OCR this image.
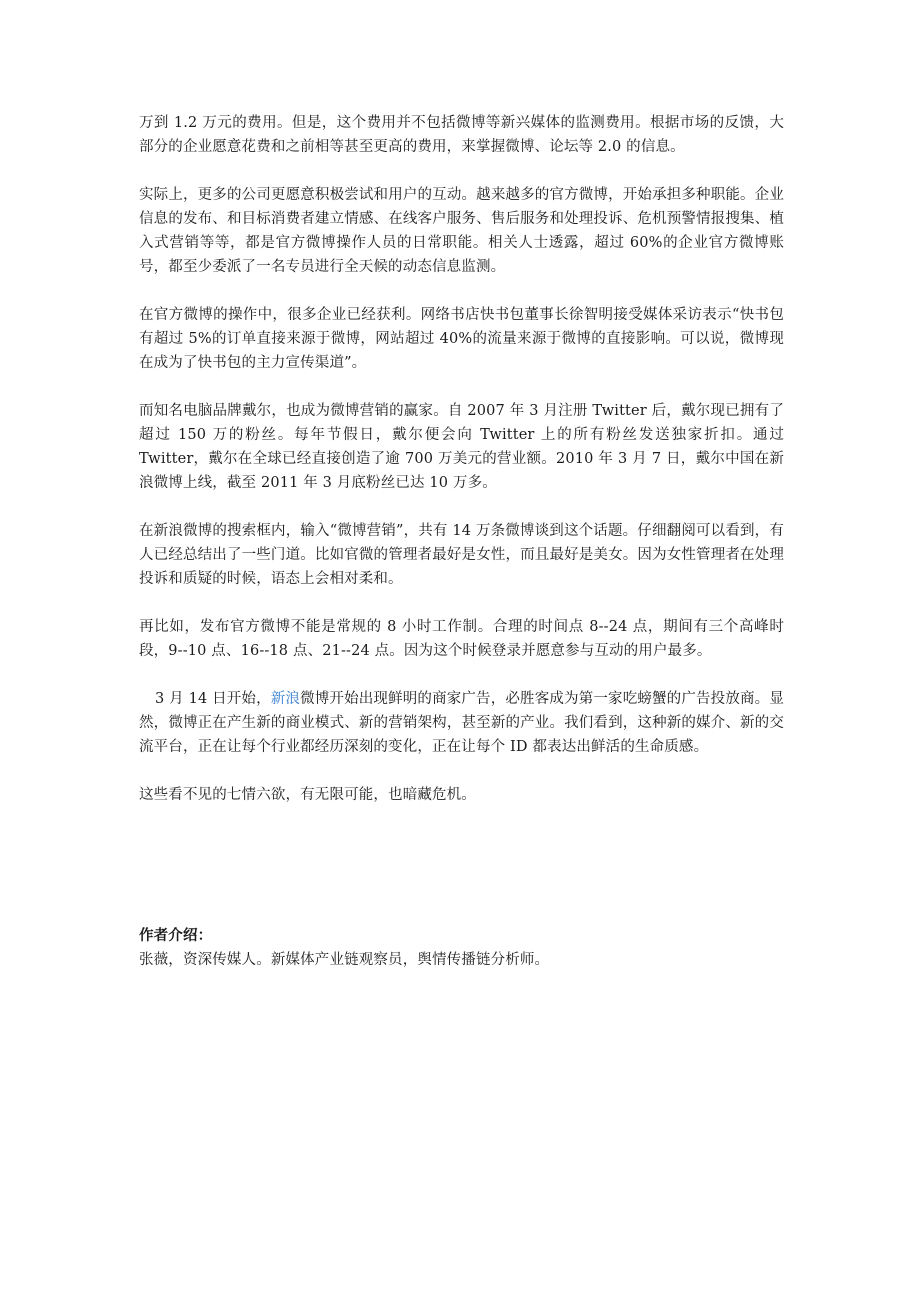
万到 1.2 万元的费用。但是，这个费用并不包括微博等新兴媒体的监测费用。根据市场的反馈，大部分的企业愿意花费和之前相等甚至更高的费用，来掌握微博、论坛等 2.0 的信息。

实际上，更多的公司更愿意积极尝试和用户的互动。越来越多的官方微博，开始承担多种职能。企业信息的发布、和目标消费者建立情感、在线客户服务、售后服务和处理投诉、危机预警情报搜集、植入式营销等等，都是官方微博操作人员的日常职能。相关人士透露，超过 60%的企业官方微博账号，都至少委派了一名专员进行全天候的动态信息监测。

在官方微博的操作中，很多企业已经获利。网络书店快书包董事长徐智明接受媒体采访表示“快书包有超过 5%的订单直接来源于微博，网站超过 40%的流量来源于微博的直接影响。可以说，微博现在成为了快书包的主力宣传渠道”。

而知名电脑品牌戴尔，也成为微博营销的赢家。自 2007 年 3 月注册 Twitter 后，戴尔现已拥有了超过 150 万的粉丝。每年节假日，戴尔便会向 Twitter 上的所有粉丝发送独家折扣。通过 Twitter，戴尔在全球已经直接创造了逾 700 万美元的营业额。2010 年 3 月 7 日，戴尔中国在新浪微博上线，截至 2011 年 3 月底粉丝已达 10 万多。

在新浪微博的搜索框内，输入“微博营销”，共有 14 万条微博谈到这个话题。仔细翻阅可以看到，有人已经总结出了一些门道。比如官微的管理者最好是女性，而且最好是美女。因为女性管理者在处理投诉和质疑的时候，语态上会相对柔和。

再比如，发布官方微博不能是常规的 8 小时工作制。合理的时间点 8--24 点，期间有三个高峰时段，9--10 点、16--18 点、21--24 点。因为这个时候登录并愿意参与互动的用户最多。

3 月 14 日开始，新浪微博开始出现鲜明的商家广告，必胜客成为第一家吃螃蟹的广告投放商。显然，微博正在产生新的商业模式、新的营销架构，甚至新的产业。我们看到，这种新的媒介、新的交流平台，正在让每个行业都经历深刻的变化，正在让每个 ID 都表达出鲜活的生命质感。

这些看不见的七情六欲，有无限可能，也暗藏危机。

作者介绍：

张薇，资深传媒人。新媒体产业链观察员，舆情传播链分析师。
